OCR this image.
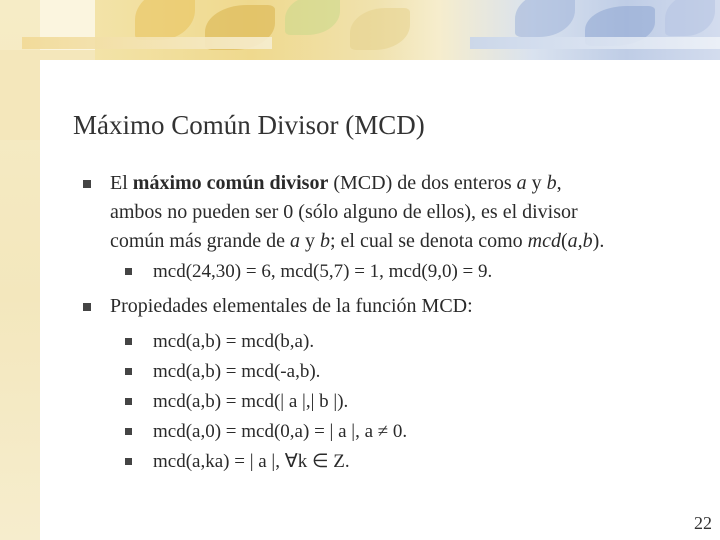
Máximo Común Divisor (MCD)
El máximo común divisor (MCD) de dos enteros a y b,
ambos no pueden ser 0 (sólo alguno de ellos), es el divisor
común más grande de a y b; el cual se denota como mcd(a,b).
mcd(24,30) = 6, mcd(5,7) = 1, mcd(9,0) = 9.
Propiedades elementales de la función MCD:
mcd(a,b) = mcd(b,a).
mcd(a,b) = mcd(-a,b).
mcd(a,b) = mcd(| a |,| b |).
mcd(a,0) = mcd(0,a) = | a |, a ≠ 0.
mcd(a,ka) = | a |, ∀k ∈ Z.
22
